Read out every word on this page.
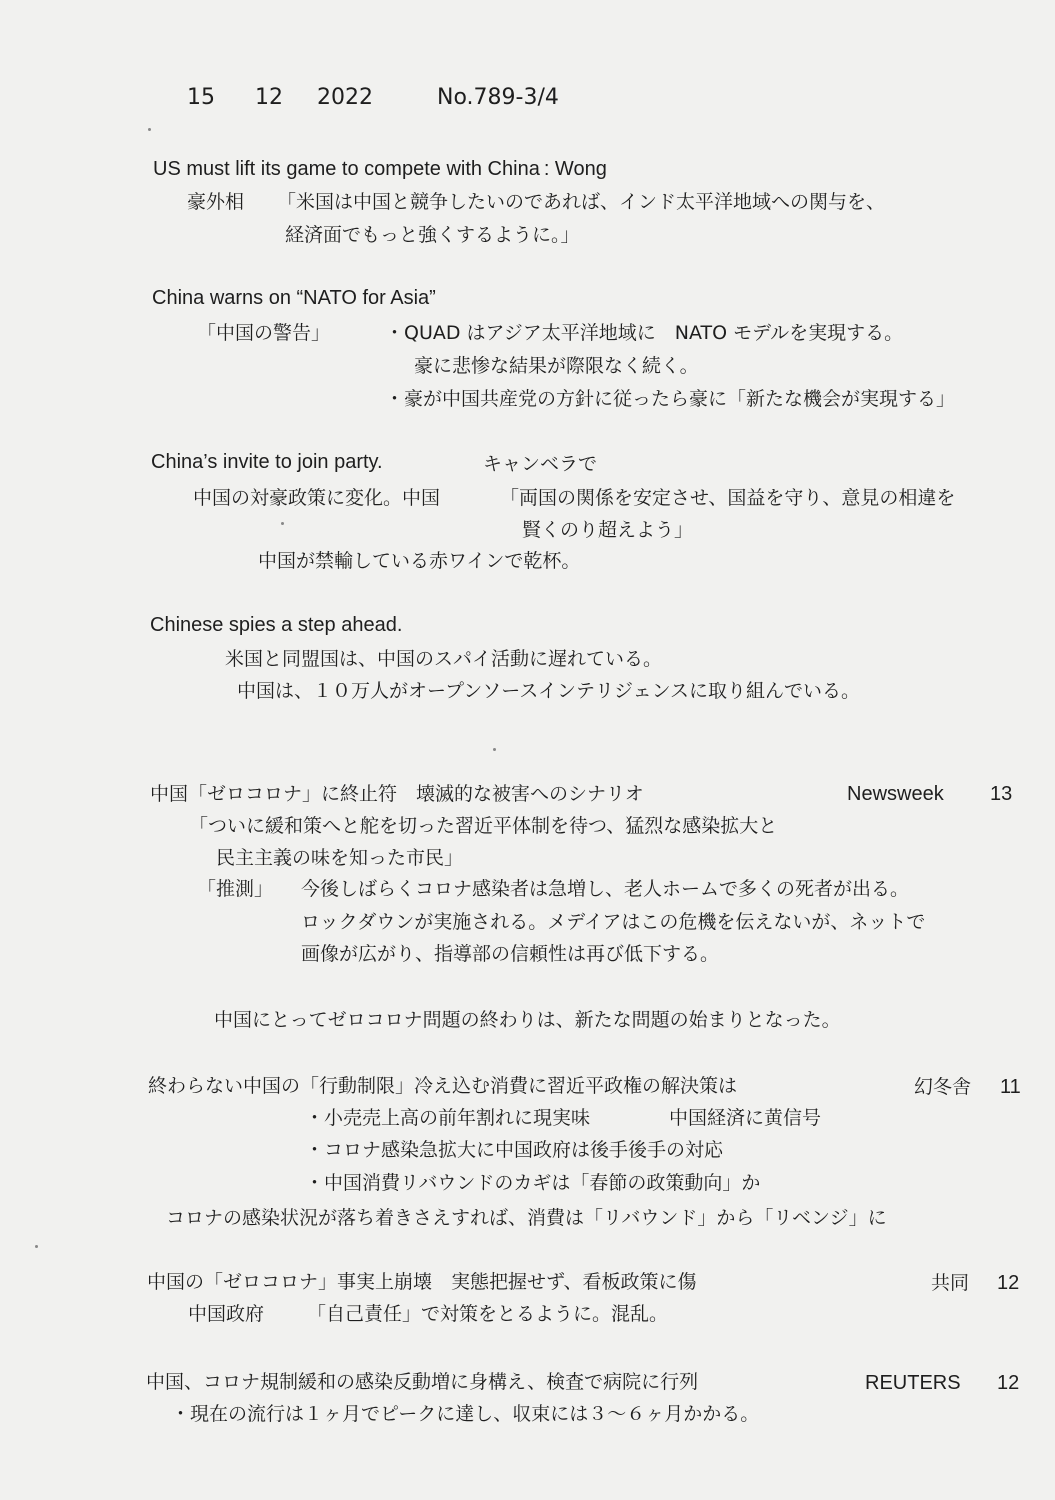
15 12 2022	No.789-3/4
US must lift its game to compete with China : Wong
豪外相 「米国は中国と競争したいのであれば、インド太平洋地域への関与を、
経済面でもっと強くするように。」
China warns on “NATO for Asia”
「中国の警告」	・QUAD はアジア太平洋地域に　NATO モデルを実現する。
豪に悲惨な結果が際限なく続く。
・豪が中国共産党の方針に従ったら豪に「新たな機会が実現する」
China’s invite to join party.	キャンベラで
中国の対豪政策に変化。中国	「両国の関係を安定させ、国益を守り、意見の相違を
賢くのり超えよう」
中国が禁輸している赤ワインで乾杯。
Chinese spies a step ahead.
米国と同盟国は、中国のスパイ活動に遅れている。
中国は、１０万人がオープンソースインテリジェンスに取り組んでいる。
中国「ゼロコロナ」に終止符　壊滅的な被害へのシナリオ	Newsweek 13
「ついに緩和策へと舵を切った習近平体制を待つ、猛烈な感染拡大と
民主主義の味を知った市民」
「推測」 今後しばらくコロナ感染者は急増し、老人ホームで多くの死者が出る。
ロックダウンが実施される。メデイアはこの危機を伝えないが、ネットで
画像が広がり、指導部の信頼性は再び低下する。
中国にとってゼロコロナ問題の終わりは、新たな問題の始まりとなった。
終わらない中国の「行動制限」冷え込む消費に習近平政権の解決策は	幻冬舎 11
・小売売上高の前年割れに現実味	中国経済に黄信号
・コロナ感染急拡大に中国政府は後手後手の対応
・中国消費リバウンドのカギは「春節の政策動向」か
コロナの感染状況が落ち着きさえすれば、消費は「リバウンド」から「リベンジ」に
中国の「ゼロコロナ」事実上崩壊　実態把握せず、看板政策に傷	共同 12
中国政府 「自己責任」で対策をとるように。混乱。
中国、コロナ規制緩和の感染反動増に身構え、検査で病院に行列	REUTERS 12
・現在の流行は１ヶ月でピークに達し、収束には３～６ヶ月かかる。
